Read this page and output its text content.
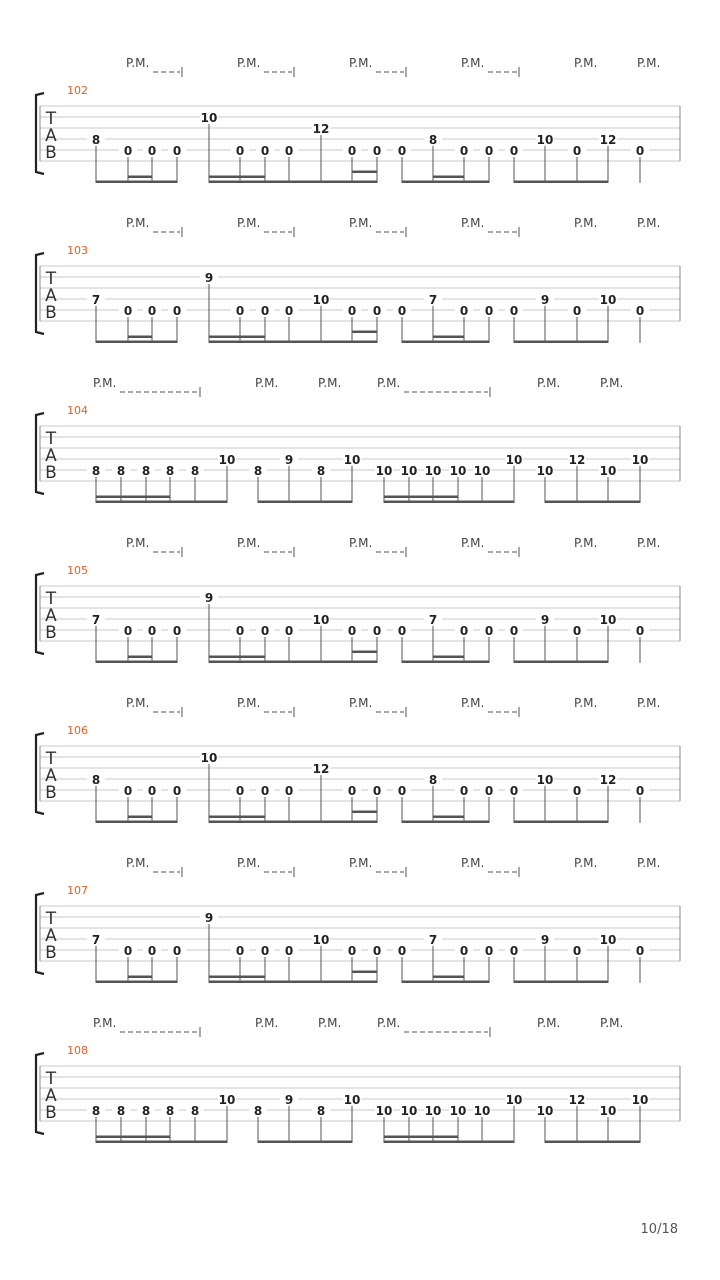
P.M.	P.M.	P.M.	P.M.	P.M.	P.M.
102
T
A
B
8
0 0 0
10
0 0 0
12
0 0 0
8
0 0 0
10
0
12
0
P.M.	P.M.	P.M.	P.M.	P.M.	P.M.
103
T
A
B
7
0 0 0
9
0 0 0
10
0 0 0
7
0 0 0
9
0
10
0
P.M.	P.M.	P.M.	P.M.	P.M.	P.M.
104
T
A
B	8 8 8 8 8
10
8
9
8
10
10 10 10 10 10
10
10
12
10
10
P.M.	P.M.	P.M.	P.M.	P.M.	P.M.
105
T
A
B
7
0 0 0
9
0 0 0
10
0 0 0
7
0 0 0
9
0
10
0
P.M.	P.M.	P.M.	P.M.	P.M.	P.M.
106
T
A
B
8
0 0 0
10
0 0 0
12
0 0 0
8
0 0 0
10
0
12
0
P.M.	P.M.	P.M.	P.M.	P.M.	P.M.
107
T
A
B
7
0 0 0
9
0 0 0
10
0 0 0
7
0 0 0
9
0
10
0
P.M.	P.M.	P.M.	P.M.	P.M.	P.M.
108
T
A
B	8 8 8 8 8
10
8
9
8
10
10 10 10 10 10
10
10
12
10
10
10/18
